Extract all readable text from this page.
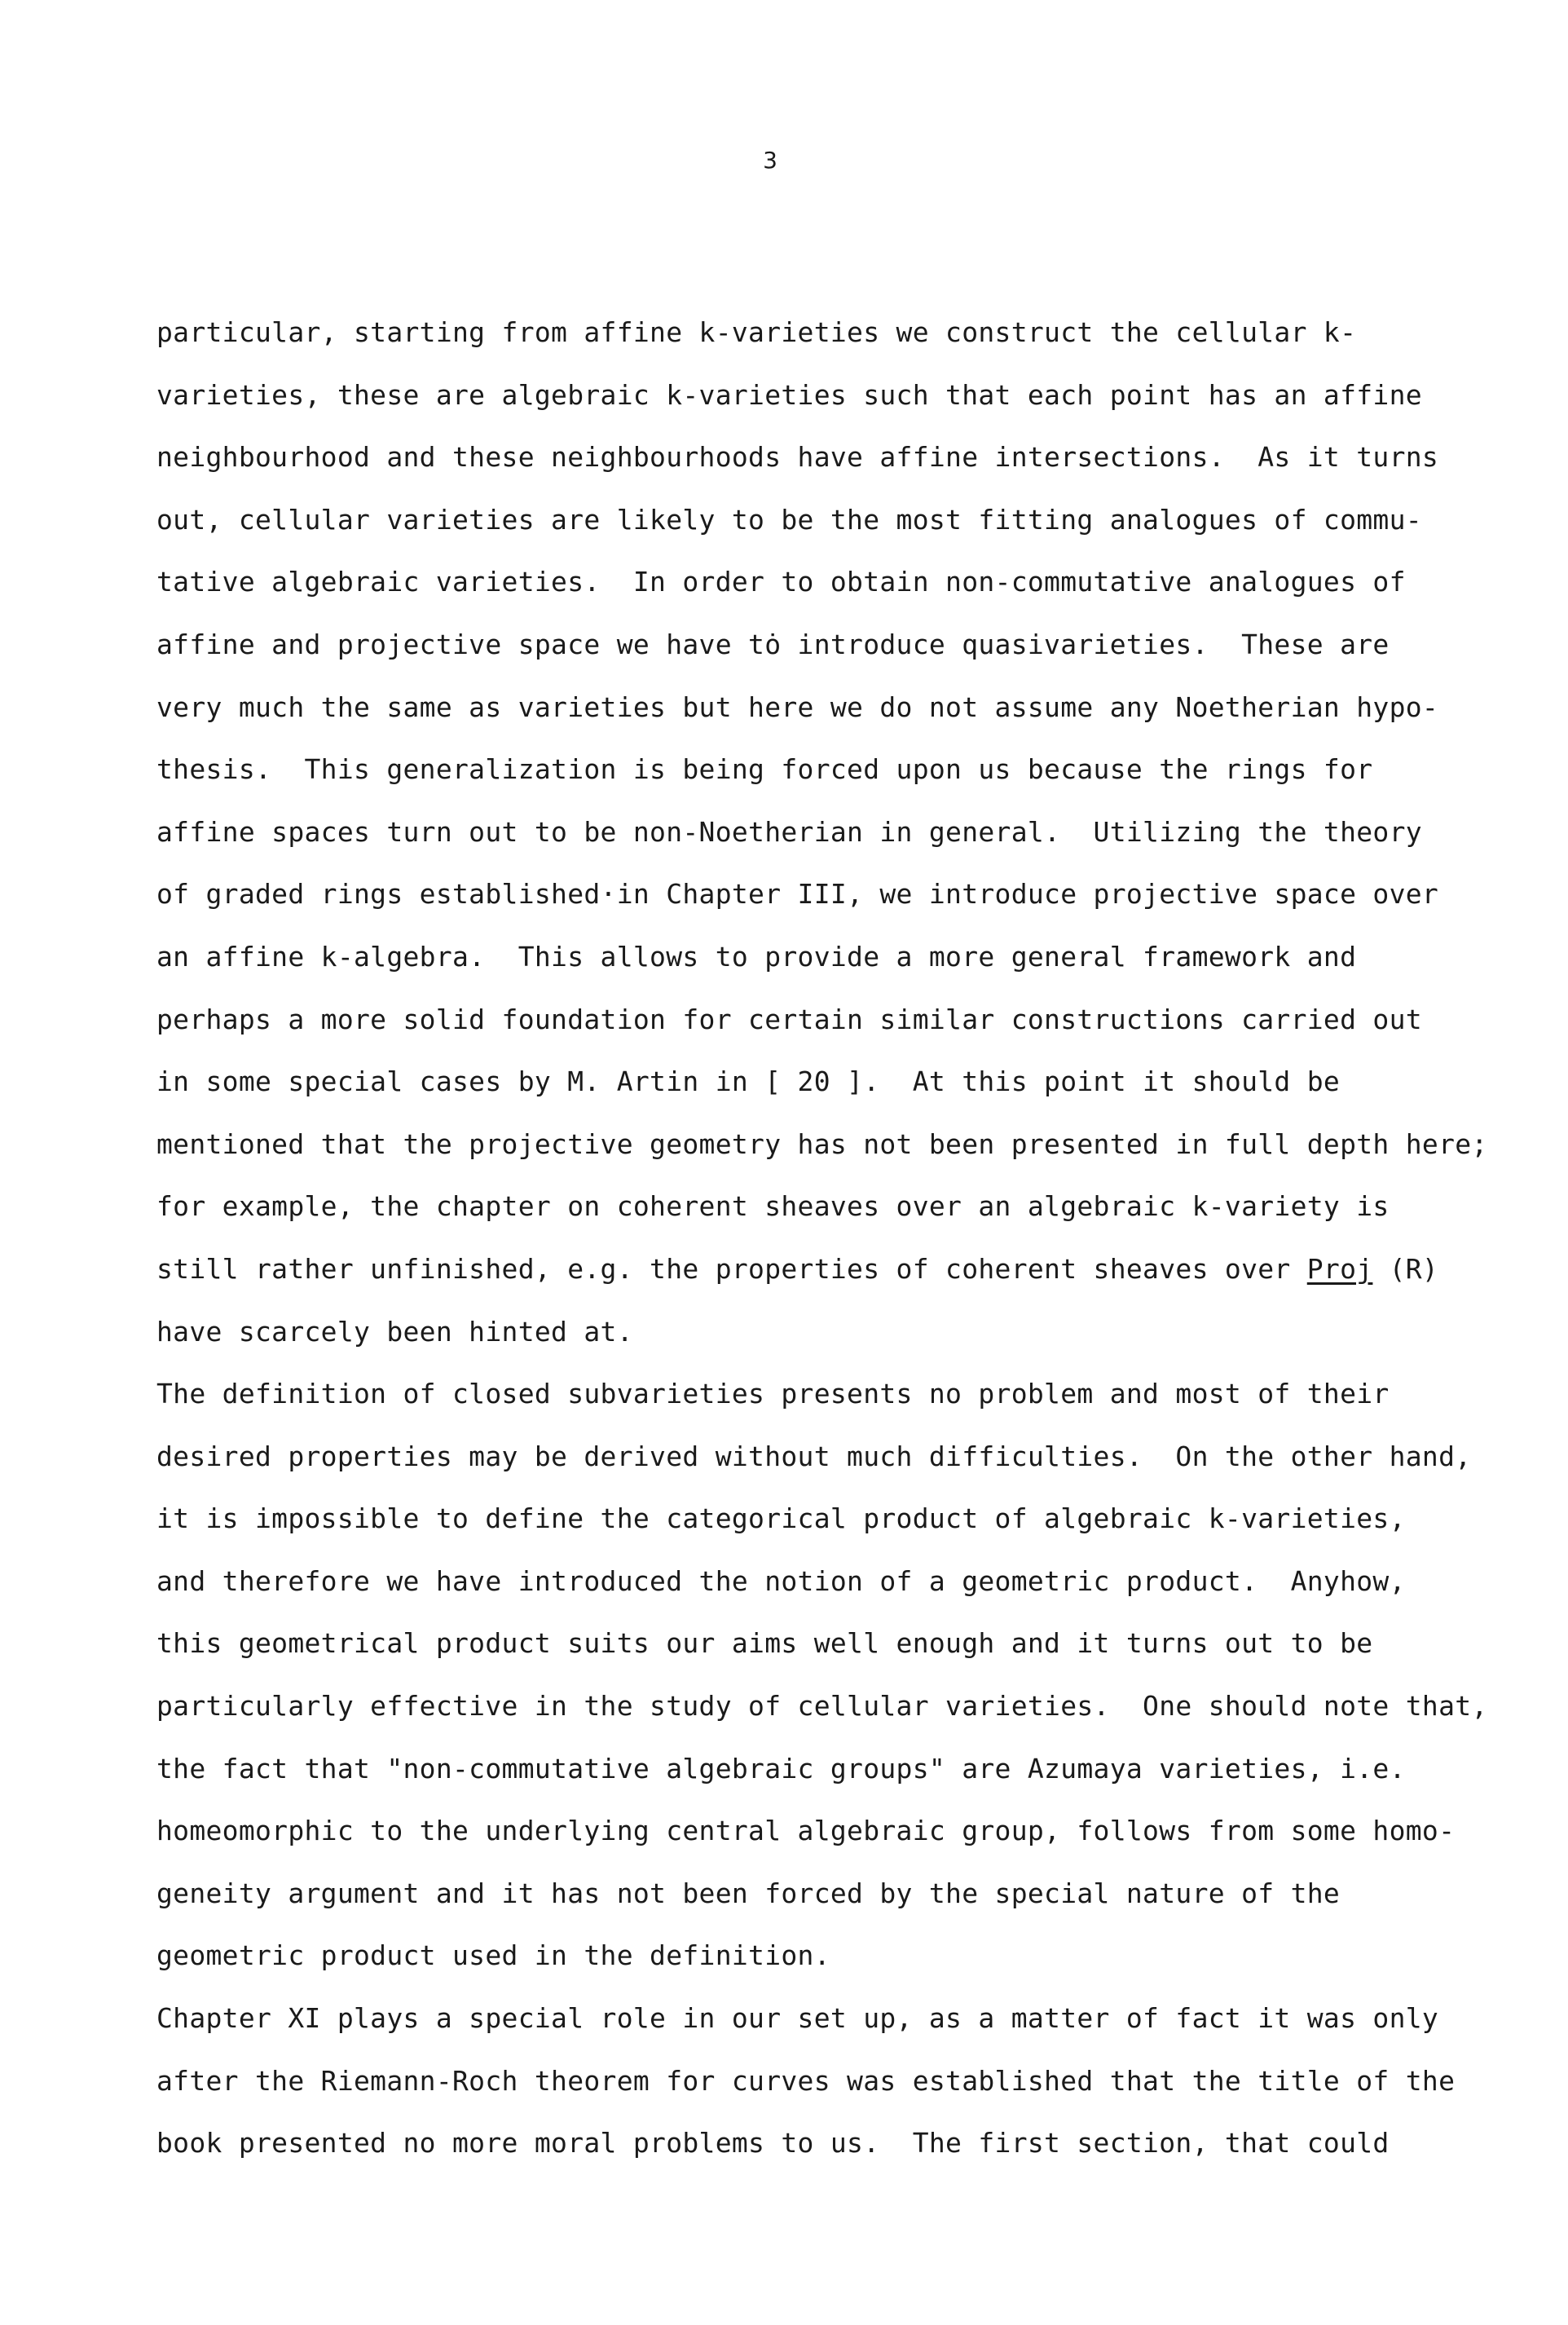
3
particular, starting from affine k-varieties we construct the cellular k-
varieties, these are algebraic k-varieties such that each point has an affine
neighbourhood and these neighbourhoods have affine intersections.  As it turns
out, cellular varieties are likely to be the most fitting analogues of commu-
tative algebraic varieties.  In order to obtain non-commutative analogues of
affine and projective space we have tȯ introduce quasivarieties.  These are
very much the same as varieties but here we do not assume any Noetherian hypo-
thesis.  This generalization is being forced upon us because the rings for
affine spaces turn out to be non-Noetherian in general.  Utilizing the theory
of graded rings established·in Chapter III, we introduce projective space over
an affine k-algebra.  This allows to provide a more general framework and
perhaps a more solid foundation for certain similar constructions carried out
in some special cases by M. Artin in [ 20 ].  At this point it should be
mentioned that the projective geometry has not been presented in full depth here;
for example, the chapter on coherent sheaves over an algebraic k-variety is
still rather unfinished, e.g. the properties of coherent sheaves over Proj (R)
have scarcely been hinted at.
The definition of closed subvarieties presents no problem and most of their
desired properties may be derived without much difficulties.  On the other hand,
it is impossible to define the categorical product of algebraic k-varieties,
and therefore we have introduced the notion of a geometric product.  Anyhow,
this geometrical product suits our aims well enough and it turns out to be
particularly effective in the study of cellular varieties.  One should note that,
the fact that "non-commutative algebraic groups" are Azumaya varieties, i.e.
homeomorphic to the underlying central algebraic group, follows from some homo-
geneity argument and it has not been forced by the special nature of the
geometric product used in the definition.
Chapter XI plays a special role in our set up, as a matter of fact it was only
after the Riemann-Roch theorem for curves was established that the title of the
book presented no more moral problems to us.  The first section, that could
